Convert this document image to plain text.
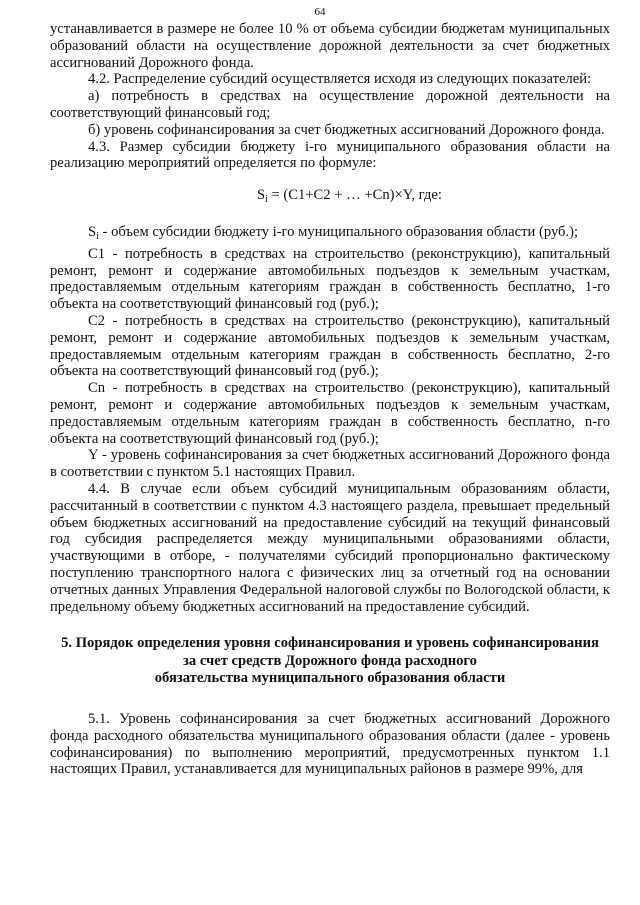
64

устанавливается в размере не более 10 % от объема субсидии бюджетам муниципальных образований области на осуществление дорожной деятельности за счет бюджетных ассигнований Дорожного фонда.

4.2. Распределение субсидий осуществляется исходя из следующих показателей:

а) потребность в средствах на осуществление дорожной деятельности на соответствующий финансовый год;

б) уровень софинансирования за счет бюджетных ассигнований Дорожного фонда.

4.3. Размер субсидии бюджету i-го муниципального образования области на реализацию мероприятий определяется по формуле:

$S_i = (C1+C2$ + … +Cn)×Y, где:

$S_i$ - объем субсидии бюджету i-го муниципального образования области (руб.);

C1 - потребность в средствах на строительство (реконструкцию), капитальный ремонт, ремонт и содержание автомобильных подъездов к земельным участкам, предоставляемым отдельным категориям граждан в собственность бесплатно, 1-го объекта на соответствующий финансовый год (руб.);

C2 - потребность в средствах на строительство (реконструкцию), капитальный ремонт, ремонт и содержание автомобильных подъездов к земельным участкам, предоставляемым отдельным категориям граждан в собственность бесплатно, 2-го объекта на соответствующий финансовый год (руб.);

Cn - потребность в средствах на строительство (реконструкцию), капитальный ремонт, ремонт и содержание автомобильных подъездов к земельным участкам, предоставляемым отдельным категориям граждан в собственность бесплатно, n-го объекта на соответствующий финансовый год (руб.);

Y - уровень софинансирования за счет бюджетных ассигнований Дорожного фонда в соответствии с пунктом 5.1 настоящих Правил.

4.4. В случае если объем субсидий муниципальным образованиям области, рассчитанный в соответствии с пунктом 4.3 настоящего раздела, превышает предельный объем бюджетных ассигнований на предоставление субсидий на текущий финансовый год субсидия распределяется между муниципальными образованиями области, участвующими в отборе, - получателями субсидий пропорционально фактическому поступлению транспортного налога с физических лиц за отчетный год на основании отчетных данных Управления Федеральной налоговой службы по Вологодской области, к предельному объему бюджетных ассигнований на предоставление субсидий.

5. Порядок определения уровня софинансирования и уровень софинансирования

за счет средств Дорожного фонда расходного

обязательства муниципального образования области

5.1. Уровень софинансирования за счет бюджетных ассигнований Дорожного фонда расходного обязательства муниципального образования области (далее - уровень софинансирования) по выполнению мероприятий, предусмотренных пунктом 1.1 настоящих Правил, устанавливается для муниципальных районов в размере 99%, для
